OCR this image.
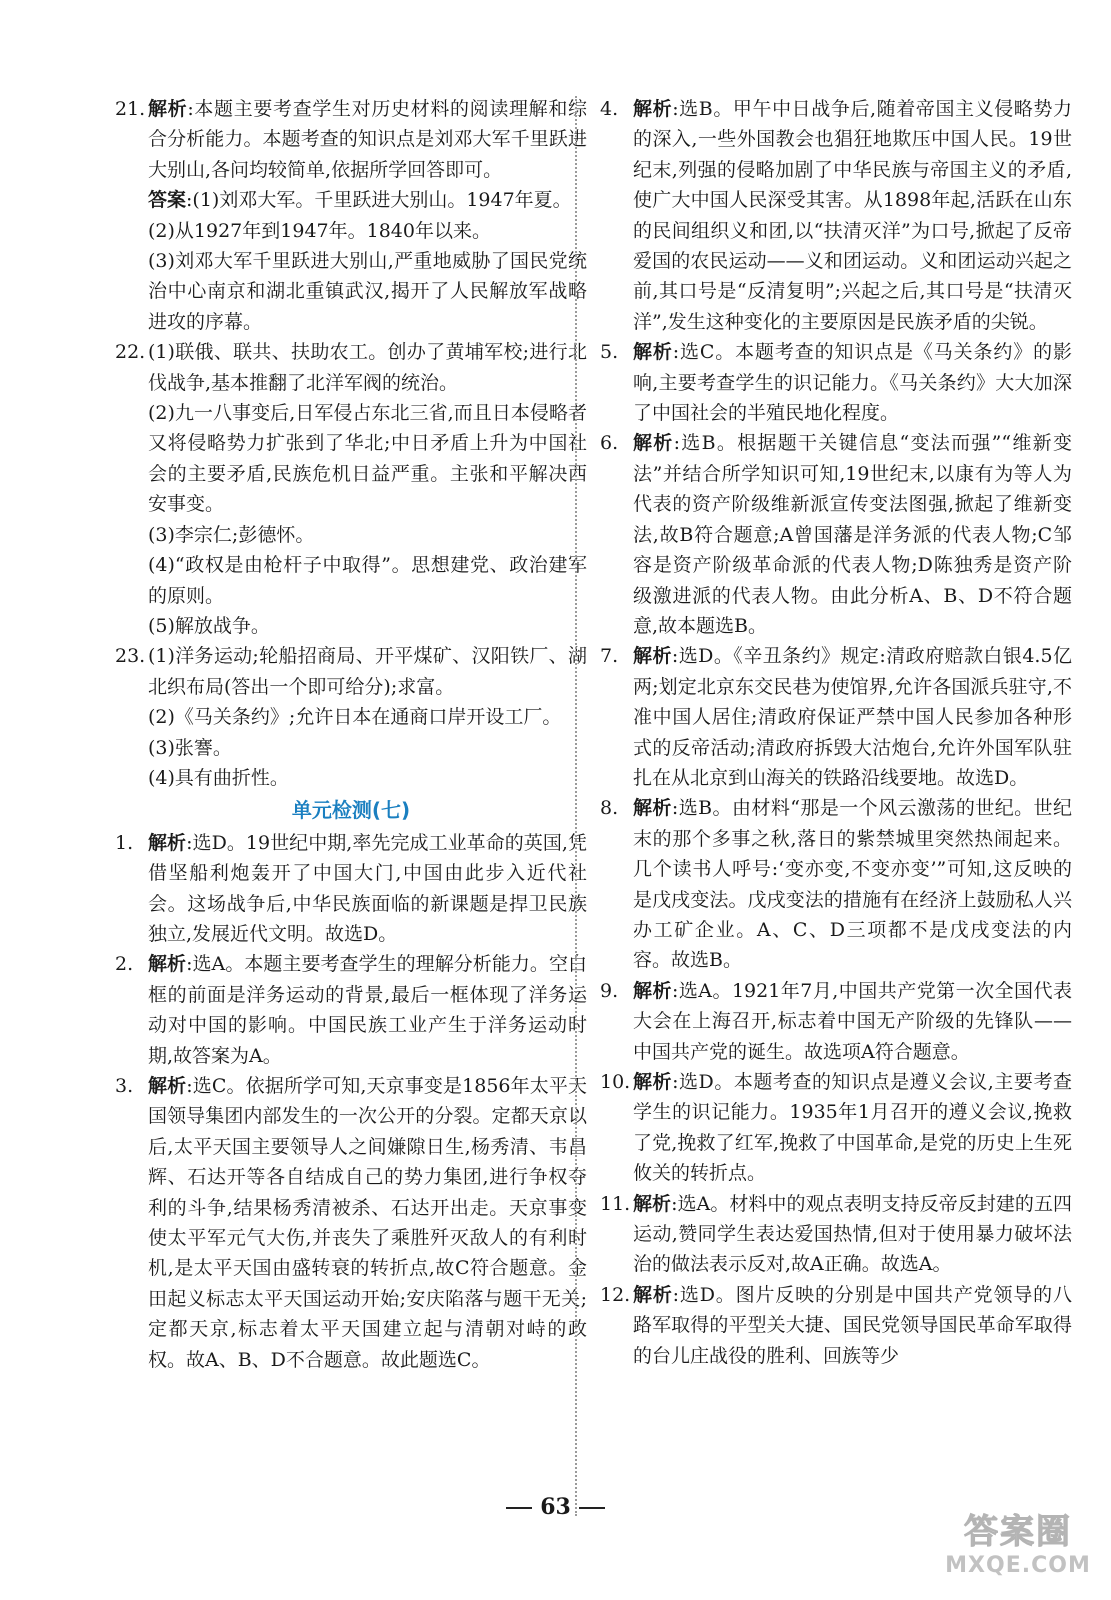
21. 解析:本题主要考查学生对历史材料的阅读理解和综合分析能力。本题考查的知识点是刘邓大军千里跃进大别山,各问均较简单,依据所学回答即可。

答案:(1)刘邓大军。千里跃进大别山。1947年夏。

(2)从1927年到1947年。1840年以来。

(3)刘邓大军千里跃进大别山,严重地威胁了国民党统治中心南京和湖北重镇武汉,揭开了人民解放军战略进攻的序幕。

22. (1)联俄、联共、扶助农工。创办了黄埔军校;进行北伐战争,基本推翻了北洋军阀的统治。

(2)九一八事变后,日军侵占东北三省,而且日本侵略者又将侵略势力扩张到了华北;中日矛盾上升为中国社会的主要矛盾,民族危机日益严重。主张和平解决西安事变。

(3)李宗仁;彭德怀。

(4)“政权是由枪杆子中取得”。思想建党、政治建军的原则。

(5)解放战争。

23. (1)洋务运动;轮船招商局、开平煤矿、汉阳铁厂、湖北织布局(答出一个即可给分);求富。

(2)《马关条约》;允许日本在通商口岸开设工厂。

(3)张謇。

(4)具有曲折性。

单元检测(七)
1. 解析:选D。19世纪中期,率先完成工业革命的英国,凭借坚船利炮轰开了中国大门,中国由此步入近代社会。这场战争后,中华民族面临的新课题是捍卫民族独立,发展近代文明。故选D。

2. 解析:选A。本题主要考查学生的理解分析能力。空白框的前面是洋务运动的背景,最后一框体现了洋务运动对中国的影响。中国民族工业产生于洋务运动时期,故答案为A。

3. 解析:选C。依据所学可知,天京事变是1856年太平天国领导集团内部发生的一次公开的分裂。定都天京以后,太平天国主要领导人之间嫌隙日生,杨秀清、韦昌辉、石达开等各自结成自己的势力集团,进行争权夺利的斗争,结果杨秀清被杀、石达开出走。天京事变使太平军元气大伤,并丧失了乘胜歼灭敌人的有利时机,是太平天国由盛转衰的转折点,故C符合题意。金田起义标志太平天国运动开始;安庆陷落与题干无关;定都天京,标志着太平天国建立起与清朝对峙的政权。故A、B、D不合题意。故此题选C。

4. 解析:选B。甲午中日战争后,随着帝国主义侵略势力的深入,一些外国教会也猖狂地欺压中国人民。19世纪末,列强的侵略加剧了中华民族与帝国主义的矛盾,使广大中国人民深受其害。从1898年起,活跃在山东的民间组织义和团,以“扶清灭洋”为口号,掀起了反帝爱国的农民运动——义和团运动。义和团运动兴起之前,其口号是“反清复明”;兴起之后,其口号是“扶清灭洋”,发生这种变化的主要原因是民族矛盾的尖锐。

5. 解析:选C。本题考查的知识点是《马关条约》的影响,主要考查学生的识记能力。《马关条约》大大加深了中国社会的半殖民地化程度。

6. 解析:选B。根据题干关键信息“变法而强”“维新变法”并结合所学知识可知,19世纪末,以康有为等人为代表的资产阶级维新派宣传变法图强,掀起了维新变法,故B符合题意;A曾国藩是洋务派的代表人物;C邹容是资产阶级革命派的代表人物;D陈独秀是资产阶级激进派的代表人物。由此分析A、B、D不符合题意,故本题选B。

7. 解析:选D。《辛丑条约》规定:清政府赔款白银4.5亿两;划定北京东交民巷为使馆界,允许各国派兵驻守,不准中国人居住;清政府保证严禁中国人民参加各种形式的反帝活动;清政府拆毁大沽炮台,允许外国军队驻扎在从北京到山海关的铁路沿线要地。故选D。

8. 解析:选B。由材料“那是一个风云激荡的世纪。世纪末的那个多事之秋,落日的紫禁城里突然热闹起来。几个读书人呼号:‘变亦变,不变亦变’”可知,这反映的是戊戌变法。戊戌变法的措施有在经济上鼓励私人兴办工矿企业。A、C、D三项都不是戊戌变法的内容。故选B。

9. 解析:选A。1921年7月,中国共产党第一次全国代表大会在上海召开,标志着中国无产阶级的先锋队——中国共产党的诞生。故选项A符合题意。

10. 解析:选D。本题考查的知识点是遵义会议,主要考查学生的识记能力。1935年1月召开的遵义会议,挽救了党,挽救了红军,挽救了中国革命,是党的历史上生死攸关的转折点。

11. 解析:选A。材料中的观点表明支持反帝反封建的五四运动,赞同学生表达爱国热情,但对于使用暴力破坏法治的做法表示反对,故A正确。故选A。

12. 解析:选D。图片反映的分别是中国共产党领导的八路军取得的平型关大捷、国民党领导国民革命军取得的台儿庄战役的胜利、回族等少

63
答案圈
MXQE.COM
